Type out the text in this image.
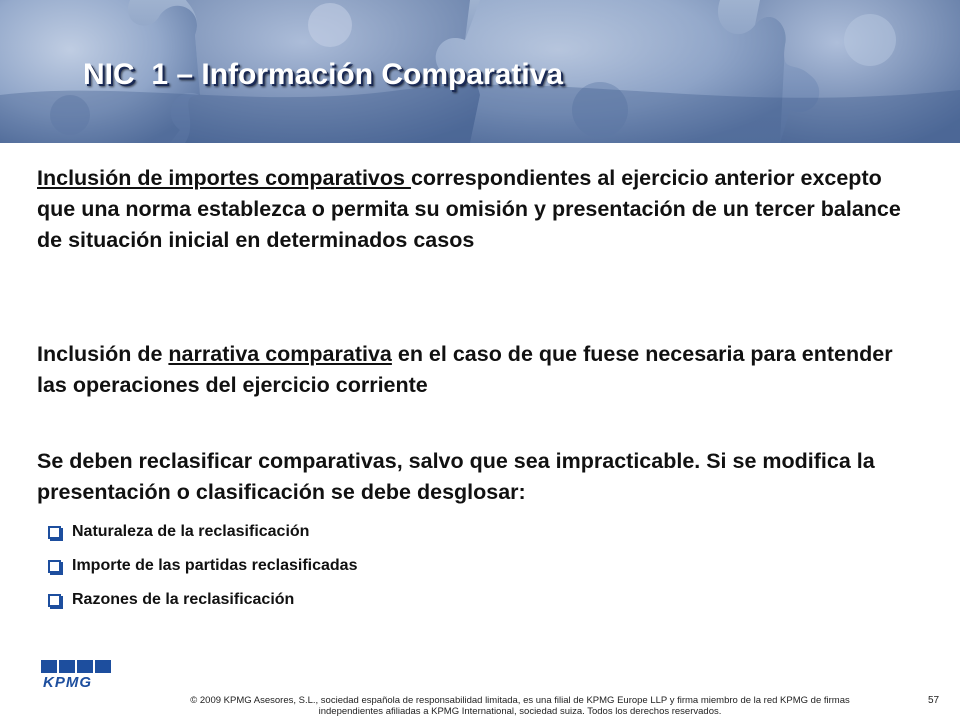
NIC  1 – Información Comparativa

Inclusión de importes comparativos correspondientes al ejercicio anterior excepto que una norma establezca o permita su omisión y presentación de un tercer balance de situación inicial en determinados casos

Inclusión de narrativa comparativa en el caso de que fuese necesaria para entender las operaciones del ejercicio corriente

Se deben reclasificar comparativas, salvo que sea impracticable. Si se modifica la presentación o clasificación se debe desglosar:

Naturaleza de la reclasificación
Importe de las partidas reclasificadas
Razones de la reclasificación
KPMG
© 2009 KPMG Asesores, S.L., sociedad española de responsabilidad limitada, es una filial de KPMG Europe LLP y firma miembro de la red KPMG de firmas
independientes afiliadas a KPMG International, sociedad suiza. Todos los derechos reservados.
57
